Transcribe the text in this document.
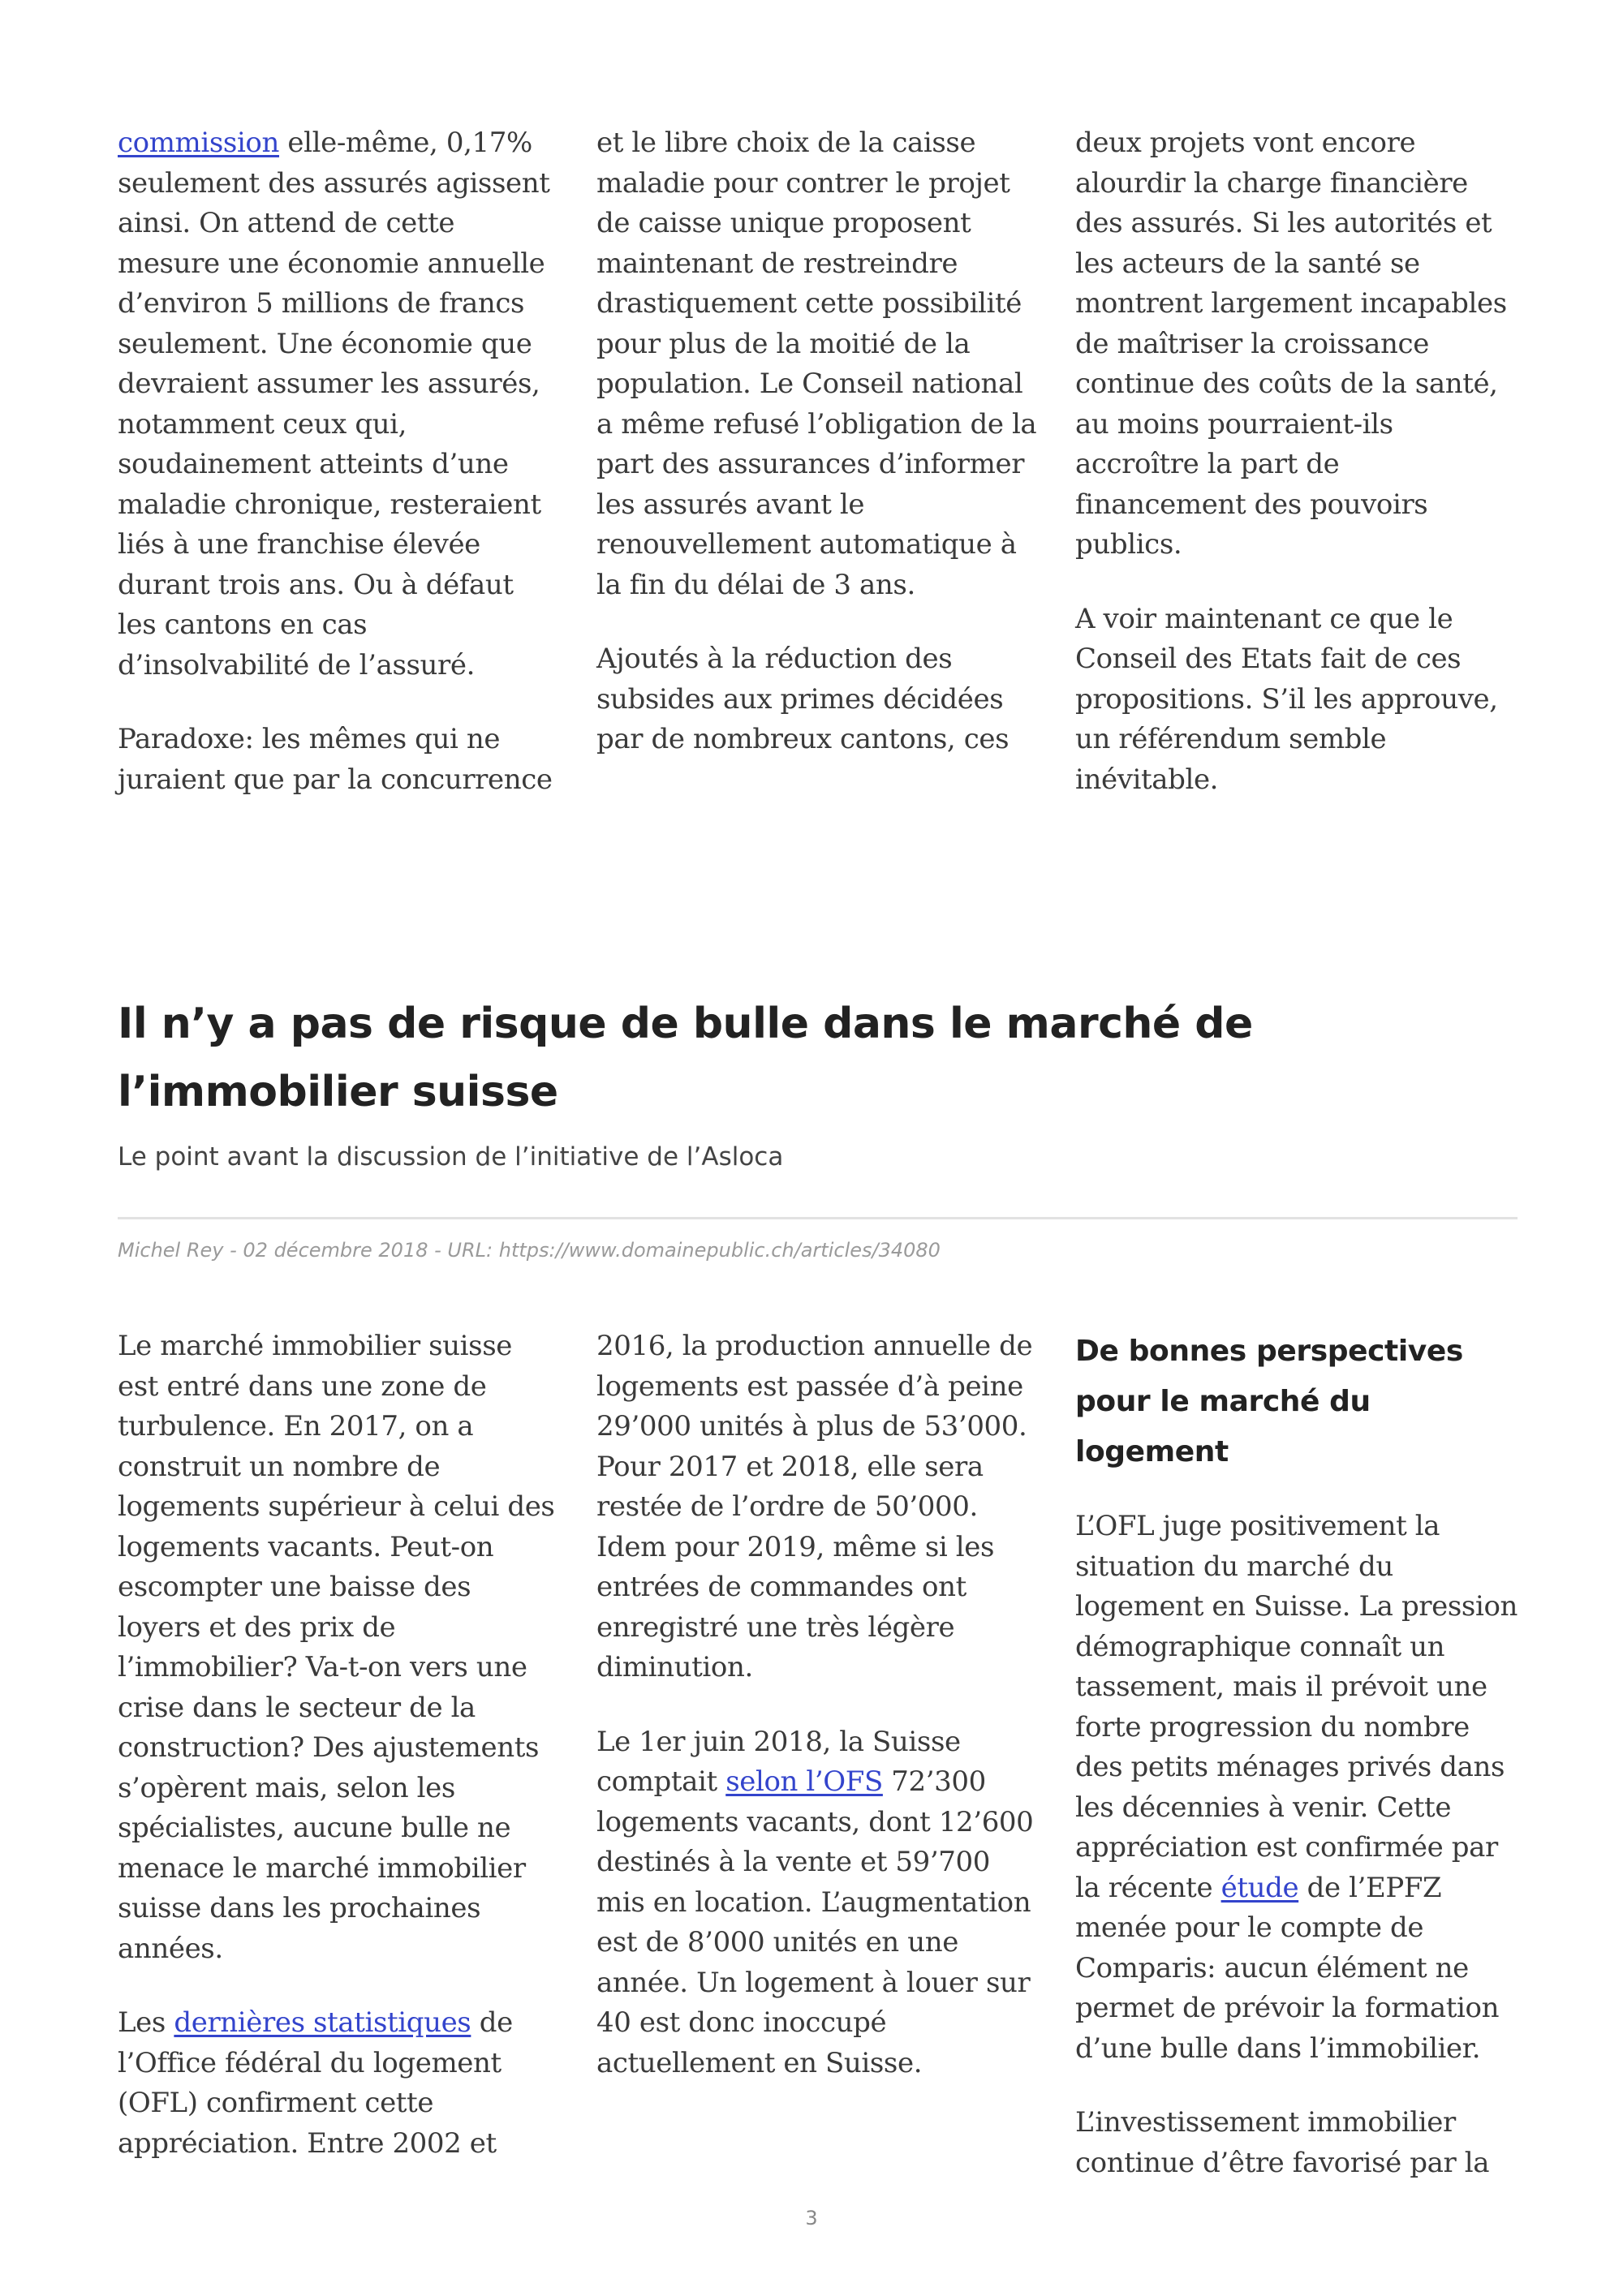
commission elle-même, 0,17% seulement des assurés agissent ainsi. On attend de cette mesure une économie annuelle d’environ 5 millions de francs seulement. Une économie que devraient assumer les assurés, notamment ceux qui, soudainement atteints d’une maladie chronique, resteraient liés à une franchise élevée durant trois ans. Ou à défaut les cantons en cas d’insolvabilité de l’assuré.

Paradoxe: les mêmes qui ne juraient que par la concurrence

et le libre choix de la caisse maladie pour contrer le projet de caisse unique proposent maintenant de restreindre drastiquement cette possibilité pour plus de la moitié de la population. Le Conseil national a même refusé l’obligation de la part des assurances d’informer les assurés avant le renouvellement automatique à la fin du délai de 3 ans.

Ajoutés à la réduction des subsides aux primes décidées par de nombreux cantons, ces

deux projets vont encore alourdir la charge financière des assurés. Si les autorités et les acteurs de la santé se montrent largement incapables de maîtriser la croissance continue des coûts de la santé, au moins pourraient-ils accroître la part de financement des pouvoirs publics.

A voir maintenant ce que le Conseil des Etats fait de ces propositions. S’il les approuve, un référendum semble inévitable.

Il n’y a pas de risque de bulle dans le marché de l’immobilier suisse

Le point avant la discussion de l’initiative de l’Asloca

Michel Rey - 02 décembre 2018 - URL: https://www.domainepublic.ch/articles/34080

Le marché immobilier suisse est entré dans une zone de turbulence. En 2017, on a construit un nombre de logements supérieur à celui des logements vacants. Peut-on escompter une baisse des loyers et des prix de l’immobilier? Va-t-on vers une crise dans le secteur de la construction? Des ajustements s’opèrent mais, selon les spécialistes, aucune bulle ne menace le marché immobilier suisse dans les prochaines années.

Les dernières statistiques de l’Office fédéral du logement (OFL) confirment cette appréciation. Entre 2002 et

2016, la production annuelle de logements est passée d’à peine 29’000 unités à plus de 53’000. Pour 2017 et 2018, elle sera restée de l’ordre de 50’000. Idem pour 2019, même si les entrées de commandes ont enregistré une très légère diminution.

Le 1er juin 2018, la Suisse comptait selon l’OFS 72’300 logements vacants, dont 12’600 destinés à la vente et 59’700 mis en location. L’augmentation est de 8’000 unités en une année. Un logement à louer sur 40 est donc inoccupé actuellement en Suisse.

De bonnes perspectives pour le marché du logement

L’OFL juge positivement la situation du marché du logement en Suisse. La pression démographique connaît un tassement, mais il prévoit une forte progression du nombre des petits ménages privés dans les décennies à venir. Cette appréciation est confirmée par la récente étude de l’EPFZ menée pour le compte de Comparis: aucun élément ne permet de prévoir la formation d’une bulle dans l’immobilier.

L’investissement immobilier continue d’être favorisé par la

3
